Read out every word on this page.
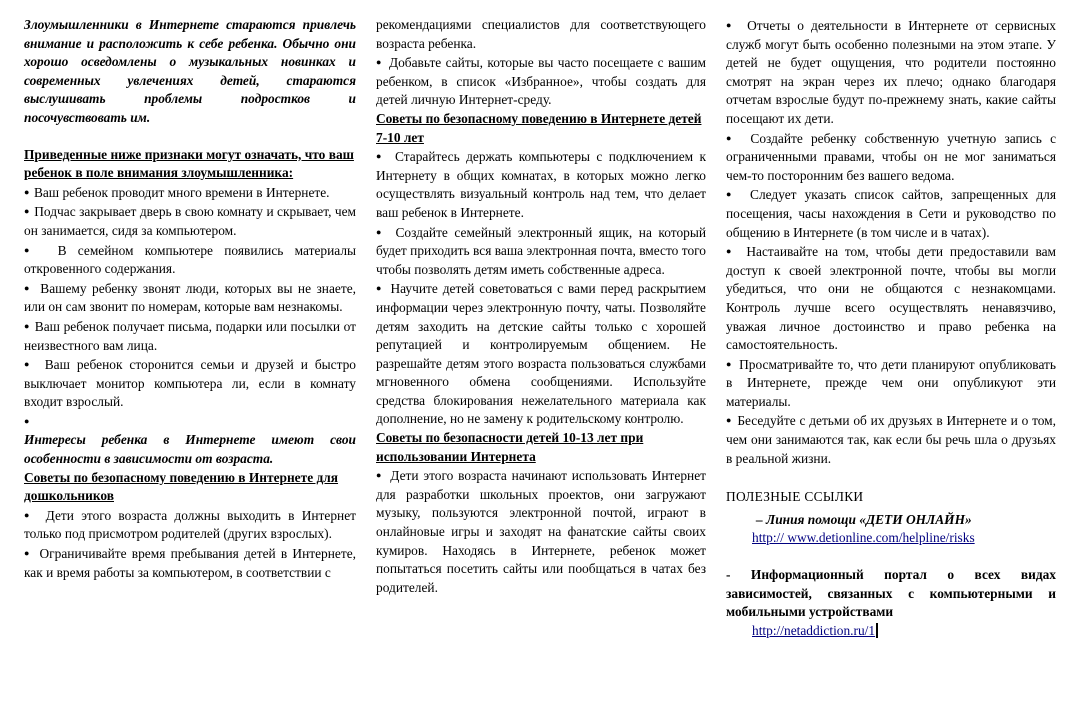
Злоумышленники в Интернете стараются привлечь внимание и расположить к себе ребенка. Обычно они хорошо осведомлены о музыкальных новинках и современных увлечениях детей, стараются выслушивать проблемы подростков и посочувствовать им.

Приведенные ниже признаки могут означать, что ваш ребенок в поле внимания злоумышленника:

●  Ваш ребенок проводит много времени в Интернете.

●  Подчас закрывает дверь в свою комнату и скрывает, чем он занимается, сидя за компьютером.

●  В семейном компьютере появились материалы откровенного содержания.

●  Вашему ребенку звонят люди, которых вы не знаете, или он сам звонит по номерам, которые вам незнакомы.

●  Ваш ребенок получает письма, подарки или посылки от неизвестного вам лица.

●  Ваш ребенок сторонится семьи и друзей и быстро выключает монитор компьютера ли, если в комнату входит взрослый.

●

Интересы ребенка в Интернете имеют свои особенности в зависимости от возраста.

Советы по безопасному поведению в Интернете для дошкольников

●  Дети этого возраста должны выходить в Интернет только под присмотром родителей (других взрослых).

●  Ограничивайте время пребывания детей в Интернете, как и время работы за компьютером, в соответствии с

рекомендациями специалистов для соответствующего возраста ребенка.

●  Добавьте сайты, которые вы часто посещаете с вашим ребенком, в список «Избранное», чтобы создать для детей личную Интернет-среду.

Советы по безопасному поведению в Интернете детей 7-10 лет

●  Старайтесь держать компьютеры с подключением к Интернету в общих комнатах, в которых можно легко осуществлять визуальный контроль над тем, что делает ваш ребенок в Интернете.

●  Создайте семейный электронный ящик, на который будет приходить вся ваша электронная почта, вместо того чтобы позволять детям иметь собственные адреса.

●  Научите детей советоваться с вами перед раскрытием информации через электронную почту, чаты. Позволяйте детям заходить на детские сайты только с хорошей репутацией и контролируемым общением. Не разрешайте детям этого возраста пользоваться службами мгновенного обмена сообщениями. Используйте средства блокирования нежелательного материала как дополнение, но не замену к родительскому контролю.

Советы по безопасности детей 10-13 лет при использовании Интернета

●  Дети этого возраста начинают использовать Интернет для разработки школьных проектов, они загружают музыку, пользуются электронной почтой, играют в онлайновые игры и заходят на фанатские сайты своих кумиров. Находясь в Интернете, ребенок может попытаться посетить сайты или пообщаться в чатах без родителей.

●  Отчеты о деятельности в Интернете от сервисных служб могут быть особенно полезными на этом этапе. У детей не будет ощущения, что родители постоянно смотрят на экран через их плечо; однако благодаря отчетам взрослые будут по-прежнему знать, какие сайты посещают их дети.

●  Создайте ребенку собственную учетную запись с ограниченными правами, чтобы он не мог заниматься чем-то посторонним без вашего ведома.

●  Следует указать список сайтов, запрещенных для посещения, часы нахождения в Сети и руководство по общению в Интернете (в том числе и в чатах).

●  Настаивайте на том, чтобы дети предоставили вам доступ к своей электронной почте, чтобы вы могли убедиться, что они не общаются с незнакомцами. Контроль лучше всего осуществлять ненавязчиво, уважая личное достоинство и право ребенка на самостоятельность.

●  Просматривайте то, что дети планируют опубликовать в Интернете, прежде чем они опубликуют эти материалы.

●  Беседуйте с детьми об их друзьях в Интернете и о том, чем они занимаются так, как если бы речь шла о друзьях в реальной жизни.

ПОЛЕЗНЫЕ ССЫЛКИ

– Линия помощи «ДЕТИ ОНЛАЙН»

http:// www.detionline.com/helpline/risks

- Информационный портал о всех видах зависимостей, связанных с компьютерными и мобильными устройствами

http://netaddiction.ru/1
